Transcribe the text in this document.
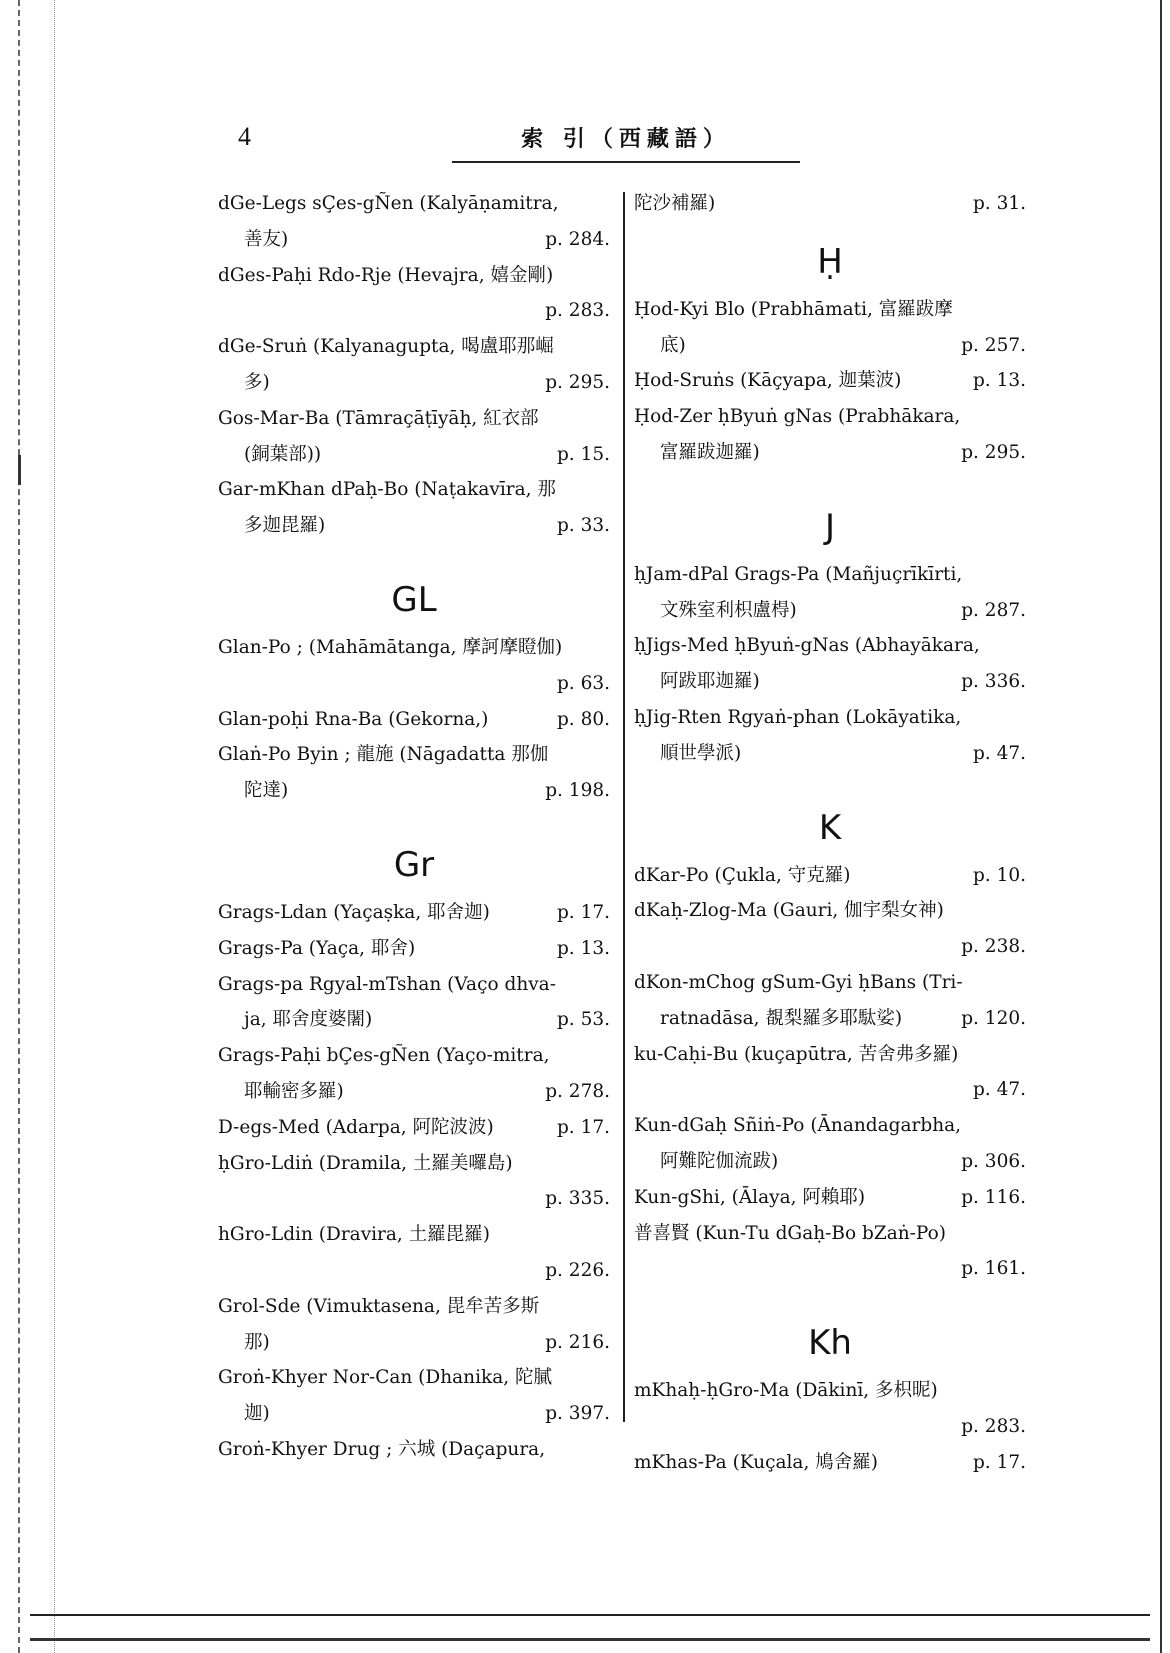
4	索 引（西藏語）
dGe-Legs sÇes-gÑen (Kalyāṇamitra,
善友)	p. 284.
dGes-Paḥi Rdo-Rje (Hevajra, 嬉金剛)
p. 283.
dGe-Sruṅ (Kalyanagupta, 喝盧耶那崛
多)	p. 295.
Gos-Mar-Ba (Tāmraçāṭīyāḥ, 紅衣部
(銅葉部))	p. 15.
Gar-mKhan dPaḥ-Bo (Naṭakavīra, 那
多迦毘羅)	p. 33.
GL
Glan-Po ; (Mahāmātanga, 摩訶摩瞪伽)
p. 63.
Glan-poḥi Rna-Ba (Gekorna,)	p. 80.
Glaṅ-Po Byin ; 龍施 (Nāgadatta 那伽
陀達)	p. 198.
Gr
Grags-Ldan (Yaçaṣka, 耶舍迦)	p. 17.
Grags-Pa (Yaça, 耶舍)	p. 13.
Grags-pa Rgyal-mTshan (Vaço dhva-
ja, 耶舍度婆闍)	p. 53.
Grags-Paḥi bÇes-gÑen (Yaço-mitra,
耶輸密多羅)	p. 278.
D-egs-Med (Adarpa, 阿陀波波)	p. 17.
ḥGro-Ldiṅ (Dramila, 土羅美囉島)
p. 335.
hGro-Ldin (Dravira, 土羅毘羅)
p. 226.
Grol-Sde (Vimuktasena, 毘牟苦多斯
那)	p. 216.
Groṅ-Khyer Nor-Can (Dhanika, 陀膩
迦)	p. 397.
Groṅ-Khyer Drug ; 六城 (Daçapura,
陀沙補羅)	p. 31.
Ḥ
Ḥod-Kyi Blo (Prabhāmati, 富羅跋摩
底)	p. 257.
Ḥod-Sruṅs (Kāçyapa, 迦葉波)	p. 13.
Ḥod-Zer ḥByuṅ gNas (Prabhākara,
富羅跋迦羅)	p. 295.
J
ḥJam-dPal Grags-Pa (Mañjuçrīkīrti,
文殊室利枳盧棏)	p. 287.
ḥJigs-Med ḥByuṅ-gNas (Abhayākara,
阿跋耶迦羅)	p. 336.
ḥJig-Rten Rgyaṅ-phan (Lokāyatika,
順世學派)	p. 47.
K
dKar-Po (Çukla, 守克羅)	p. 10.
dKaḥ-Zlog-Ma (Gauri, 伽宇梨女神)
p. 238.
dKon-mChog gSum-Gyi ḥBans (Tri-
ratnadāsa, 覩梨羅多耶駄娑)	p. 120.
ku-Caḥi-Bu (kuçapūtra, 苦舍弗多羅)
p. 47.
Kun-dGaḥ Sñiṅ-Po (Ānandagarbha,
阿難陀伽流跋)	p. 306.
Kun-gShi, (Ālaya, 阿賴耶)	p. 116.
普喜賢 (Kun-Tu dGaḥ-Bo bZaṅ-Po)
p. 161.
Kh
mKhaḥ-ḥGro-Ma (Dākinī, 多枳昵)
p. 283.
mKhas-Pa (Kuçala, 鳩舍羅)	p. 17.
